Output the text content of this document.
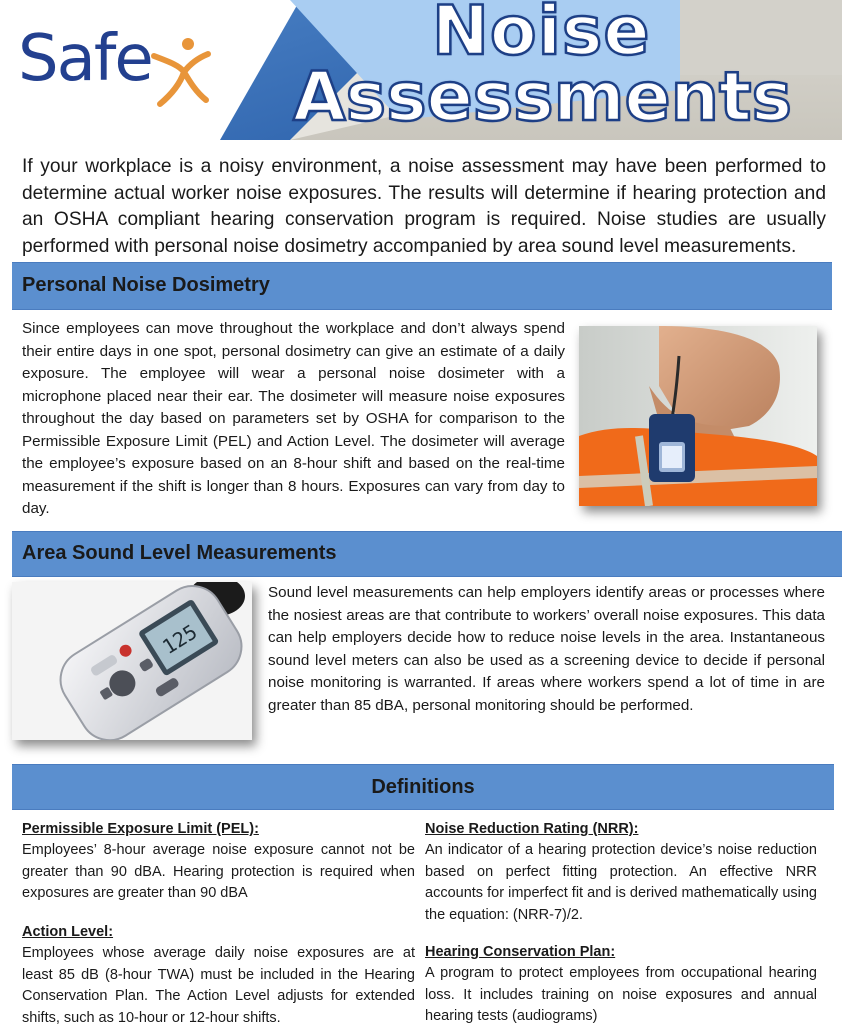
Safe	Noise
Assessments
If your workplace is a noisy environment, a noise assessment may have been performed to determine actual worker noise exposures. The results will determine if hearing protection and an OSHA compliant hearing conservation program is required. Noise studies are usually performed with personal noise dosimetry accompanied by area sound level measurements.
Personal Noise Dosimetry
Since employees can move throughout the workplace and don’t always spend their entire days in one spot, personal dosimetry can give an estimate of a daily exposure. The employee will wear a personal noise dosimeter with a microphone placed near their ear. The dosimeter will measure noise exposures throughout the day based on parameters set by OSHA for comparison to the Permissible Exposure Limit (PEL) and Action Level. The dosimeter will average the employee’s exposure based on an 8-hour shift and based on the real-time measurement if the shift is longer than 8 hours. Exposures can vary from day to day.
Area Sound Level Measurements
125
Sound level measurements can help employers identify areas or processes where the nosiest areas are that contribute to workers’ overall noise exposures. This data can help employers decide how to reduce noise levels in the area. Instantaneous sound level meters can also be used as a screening device to decide if personal noise monitoring is warranted. If areas where workers spend a lot of time in are greater than 85 dBA, personal monitoring should be performed.
Definitions
Permissible Exposure Limit (PEL):
Employees’ 8-hour average noise exposure cannot not be greater than 90 dBA. Hearing protection is required when exposures are greater than 90 dBA
Action Level:
Employees whose average daily noise exposures are at least 85 dB (8-hour TWA) must be included in the Hearing Conservation Plan. The Action Level adjusts for extended shifts, such as 10-hour or 12-hour shifts.
Noise Reduction Rating (NRR):
An indicator of a hearing protection device’s noise reduction based on perfect fitting protection. An effective NRR accounts for imperfect fit and is derived mathematically using the equation: (NRR-7)/2.
Hearing Conservation Plan:
A program to protect employees from occupational hearing loss. It includes training on noise exposures and annual hearing tests (audiograms)
